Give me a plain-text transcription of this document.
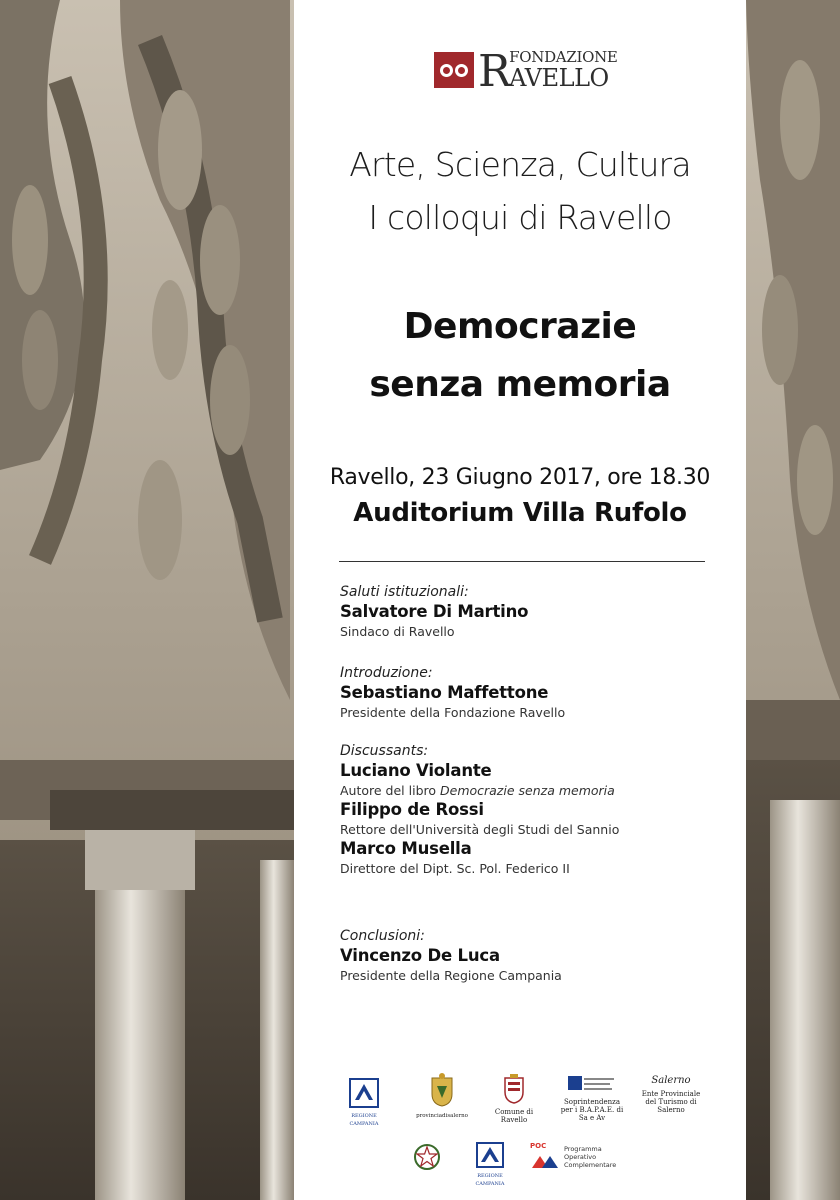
R
FONDAZIONE
AVELLO
Arte, Scienza, Cultura
I colloqui di Ravello
Democrazie
senza memoria
Ravello, 23 Giugno 2017, ore 18.30
Auditorium Villa Rufolo
Saluti istituzionali:
Salvatore Di Martino
Sindaco di Ravello
Introduzione:
Sebastiano Maffettone
Presidente della Fondazione Ravello
Discussants:
Luciano Violante
Autore del libro Democrazie senza memoria
Filippo de Rossi
Rettore dell'Università degli Studi del Sannio
Marco Musella
Direttore del Dipt. Sc. Pol. Federico II
Conclusioni:
Vincenzo De Luca
Presidente della Regione Campania
REGIONE CAMPANIA
provinciadisalerno	Comune di Ravello
Soprintendenza per i B.A.P.A.E. di Sa e Av
Salerno
Ente Provinciale del Turismo di Salerno
REGIONE CAMPANIA
POC	Programma Operativo Complementare
